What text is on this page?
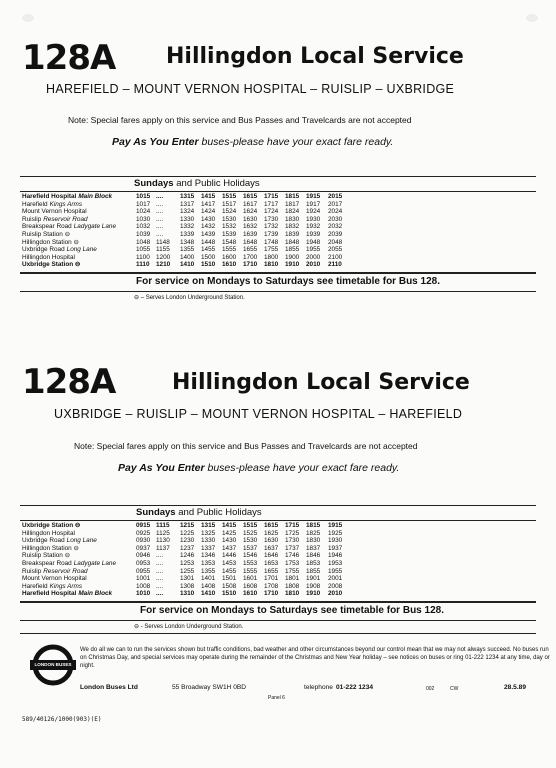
128A Hillingdon Local Service
HAREFIELD – MOUNT VERNON HOSPITAL – RUISLIP – UXBRIDGE
Note: Special fares apply on this service and Bus Passes and Travelcards are not accepted
Pay As You Enter buses-please have your exact fare ready.
Sundays and Public Holidays
Harefield Hospital Main Block	1015 ....	1315 1415 1515 1615 1715 1815 1915 2015
Harefield Kings Arms	1017 ....	1317 1417 1517 1617 1717 1817 1917 2017
Mount Vernon Hospital	1024 ....	1324 1424 1524 1624 1724 1824 1924 2024
Ruislip Reservoir Road	1030 ....	1330 1430 1530 1630 1730 1830 1930 2030
Breakspear Road Ladygate Lane	1032 ....	1332 1432 1532 1632 1732 1832 1932 2032
Ruislip Station ⊖	1039 ....	1339 1439 1539 1639 1739 1839 1939 2039
Hillingdon Station ⊖	1048 1148 1348 1448 1548 1648 1748 1848 1948 2048
Uxbridge Road Long Lane	1055 1155 1355 1455 1555 1655 1755 1855 1955 2055
Hillingdon Hospital	1100 1200 1400 1500 1600 1700 1800 1900 2000 2100
Uxbridge Station ⊖	1110 1210 1410 1510 1610 1710 1810 1910 2010 2110
For service on Mondays to Saturdays see timetable for Bus 128.
⊖ – Serves London Underground Station.
128A	Hillingdon Local Service
UXBRIDGE – RUISLIP – MOUNT VERNON HOSPITAL – HAREFIELD
Note: Special fares apply on this service and Bus Passes and Travelcards are not accepted
Pay As You Enter buses-please have your exact fare ready.
Sundays and Public Holidays
Uxbridge Station ⊖	0915 1115 1215 1315 1415 1515 1615 1715 1815 1915
Hillingdon Hospital	0925 1125 1225 1325 1425 1525 1625 1725 1825 1925
Uxbridge Road Long Lane	0930 1130 1230 1330 1430 1530 1630 1730 1830 1930
Hillingdon Station ⊖	0937 1137 1237 1337 1437 1537 1637 1737 1837 1937
Ruislip Station ⊖	0946 ....	1246 1346 1446 1546 1646 1746 1846 1946
Breakspear Road Ladygate Lane	0953 ....	1253 1353 1453 1553 1653 1753 1853 1953
Ruislip Reservoir Road	0955 ....	1255 1355 1455 1555 1655 1755 1855 1955
Mount Vernon Hospital	1001 ....	1301 1401 1501 1601 1701 1801 1901 2001
Harefield Kings Arms	1008 ....	1308 1408 1508 1608 1708 1808 1908 2008
Harefield Hospital Main Block	1010 ....	1310 1410 1510 1610 1710 1810 1910 2010
For service on Mondays to Saturdays see timetable for Bus 128.
⊖ - Serves London Underground Station.
LONDON BUSES
We do all we can to run the services shown but traffic conditions, bad weather and other circumstances beyond our control mean that we may not always succeed. No buses run on Christmas Day, and special services may operate during the remainder of the Christmas and New Year holiday – see notices on buses or ring 01-222 1234 at any time, day or night.
London Buses Ltd	55 Broadway SW1H 0BD	telephone 01-222 1234	002	CW	28.5.89
Panel 6
589/40126/1000(903)(E)
